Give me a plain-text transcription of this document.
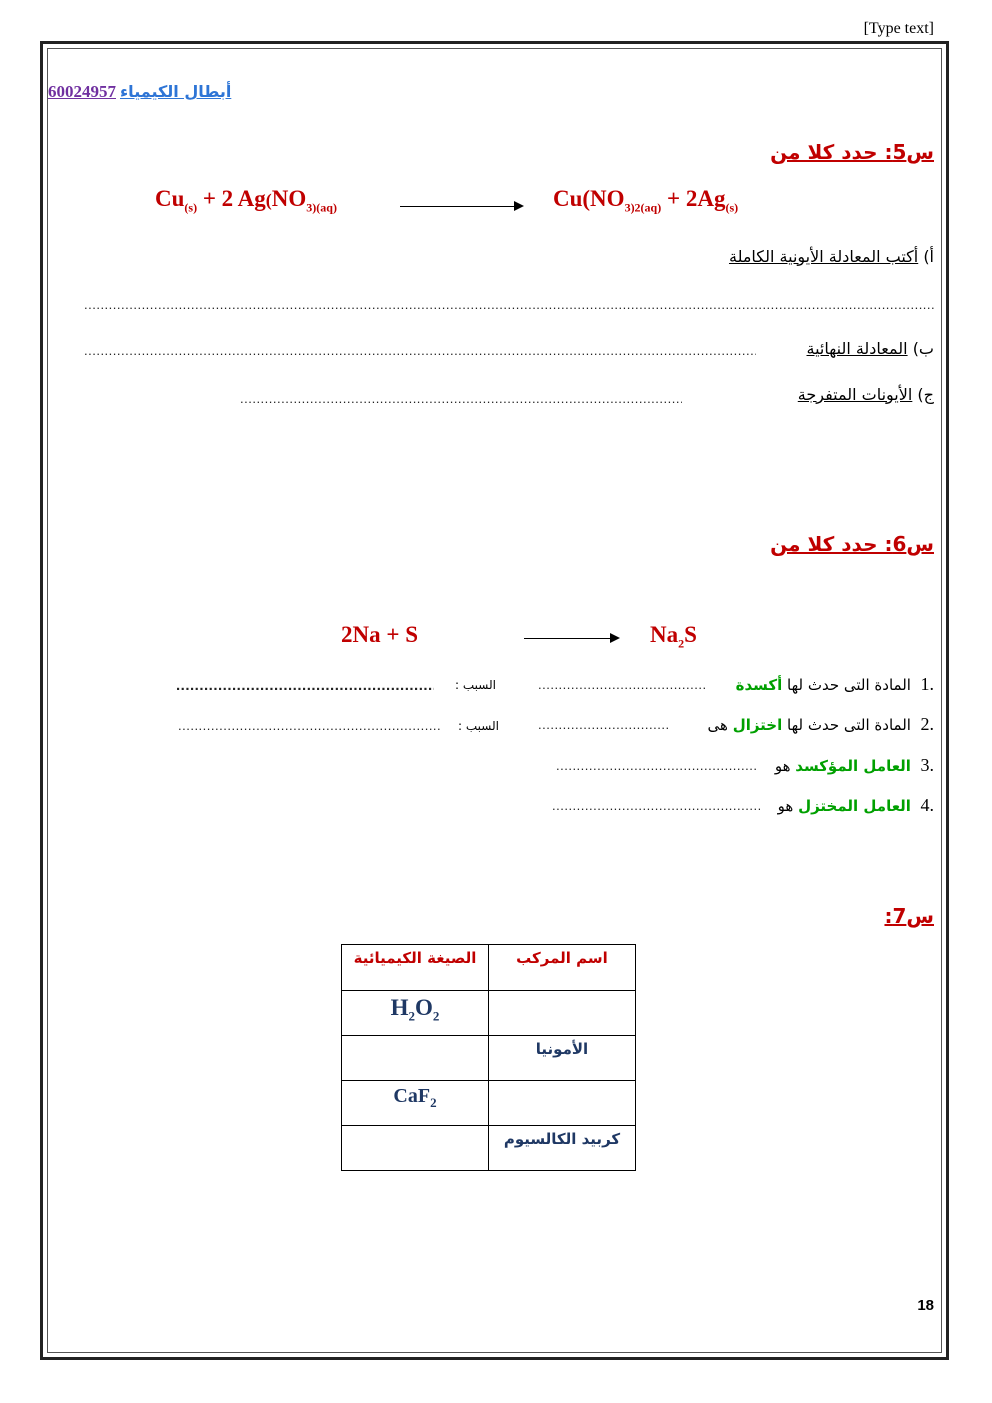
[Type text]
60024957 أبطال الكيمياء
س5: حدد كلا من
$Cu_{(s)} + 2$ $Ag(NO_{3)(aq)}$	$Cu(NO_{3)2(aq)} + 2Ag_{(s)}$
أ) أكتب المعادلة الأيونية الكاملة
.....
ب) المعادلة النهائية
.....
ج) الأيونات المتفرجة
.....
س6: حدد كلا من
2Na + S	$Na_2S$
.1  المادة التى حدث لها أكسدة
.....
السبب :
.....
.2  المادة التى حدث لها اختزال هى
.....
السبب :
.....
.3  العامل المؤكسد هو
.....
.4  العامل المختزل هو
.....
س7:
اسم المركب	الصيغة الكيميائية
	$H_2O_2$
الأمونيا	
	CaF$_2$
كربيد الكالسيوم	
18
